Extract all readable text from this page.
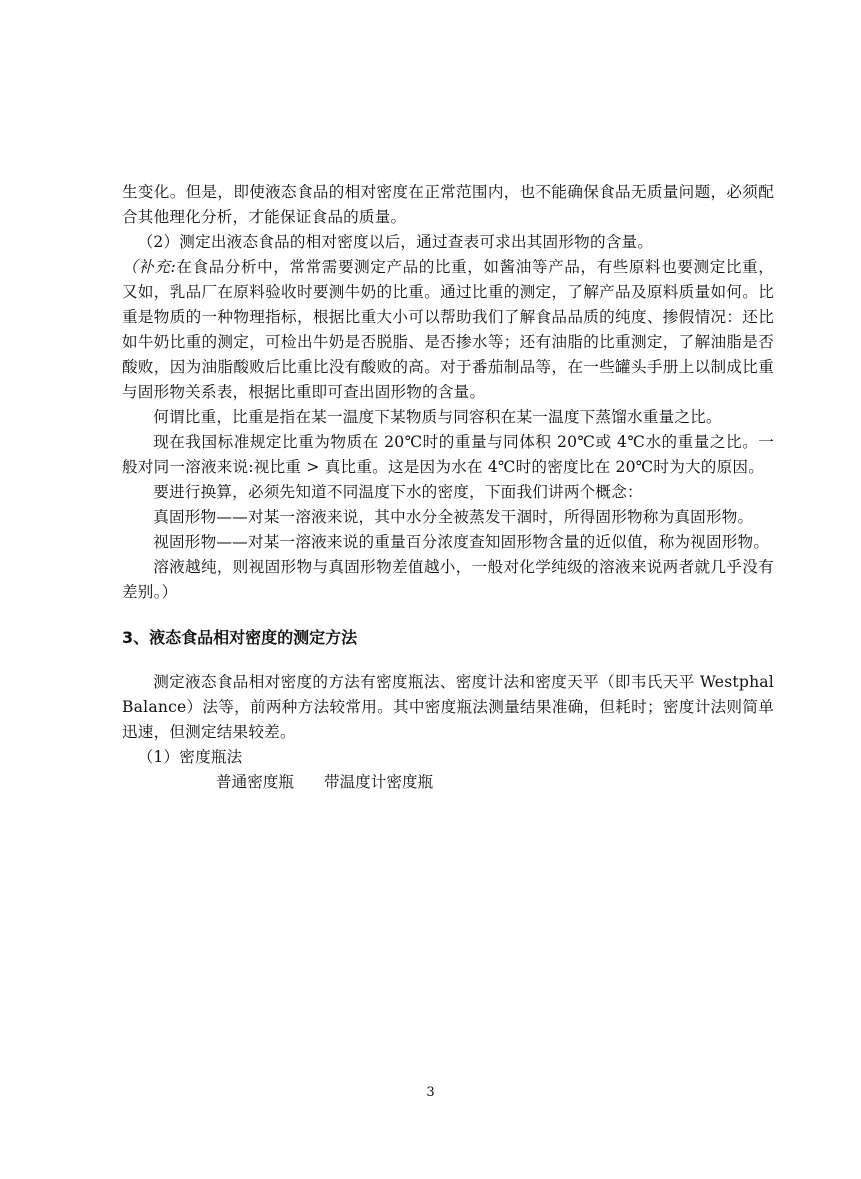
生变化。但是，即使液态食品的相对密度在正常范围内，也不能确保食品无质量问题，必须配合其他理化分析，才能保证食品的质量。

（2）测定出液态食品的相对密度以后，通过查表可求出其固形物的含量。

（补充:在食品分析中，常常需要测定产品的比重，如酱油等产品，有些原料也要测定比重，又如，乳品厂在原料验收时要测牛奶的比重。通过比重的测定，了解产品及原料质量如何。比重是物质的一种物理指标，根据比重大小可以帮助我们了解食品品质的纯度、掺假情况：还比如牛奶比重的测定，可检出牛奶是否脱脂、是否掺水等；还有油脂的比重测定，了解油脂是否酸败，因为油脂酸败后比重比没有酸败的高。对于番茄制品等，在一些罐头手册上以制成比重与固形物关系表，根据比重即可查出固形物的含量。

何谓比重，比重是指在某一温度下某物质与同容积在某一温度下蒸馏水重量之比。

现在我国标准规定比重为物质在 20℃时的重量与同体积 20℃或 4℃水的重量之比。一般对同一溶液来说:视比重 > 真比重。这是因为水在 4℃时的密度比在 20℃时为大的原因。

要进行换算，必须先知道不同温度下水的密度，下面我们讲两个概念：

真固形物——对某一溶液来说，其中水分全被蒸发干涸时，所得固形物称为真固形物。

视固形物——对某一溶液来说的重量百分浓度查知固形物含量的近似值，称为视固形物。

溶液越纯，则视固形物与真固形物差值越小，一般对化学纯级的溶液来说两者就几乎没有差别。）

3、液态食品相对密度的测定方法

测定液态食品相对密度的方法有密度瓶法、密度计法和密度天平（即韦氏天平 Westphal Balance）法等，前两种方法较常用。其中密度瓶法测量结果准确，但耗时；密度计法则简单迅速，但测定结果较差。

（1）密度瓶法

普通密度瓶 带温度计密度瓶
3
